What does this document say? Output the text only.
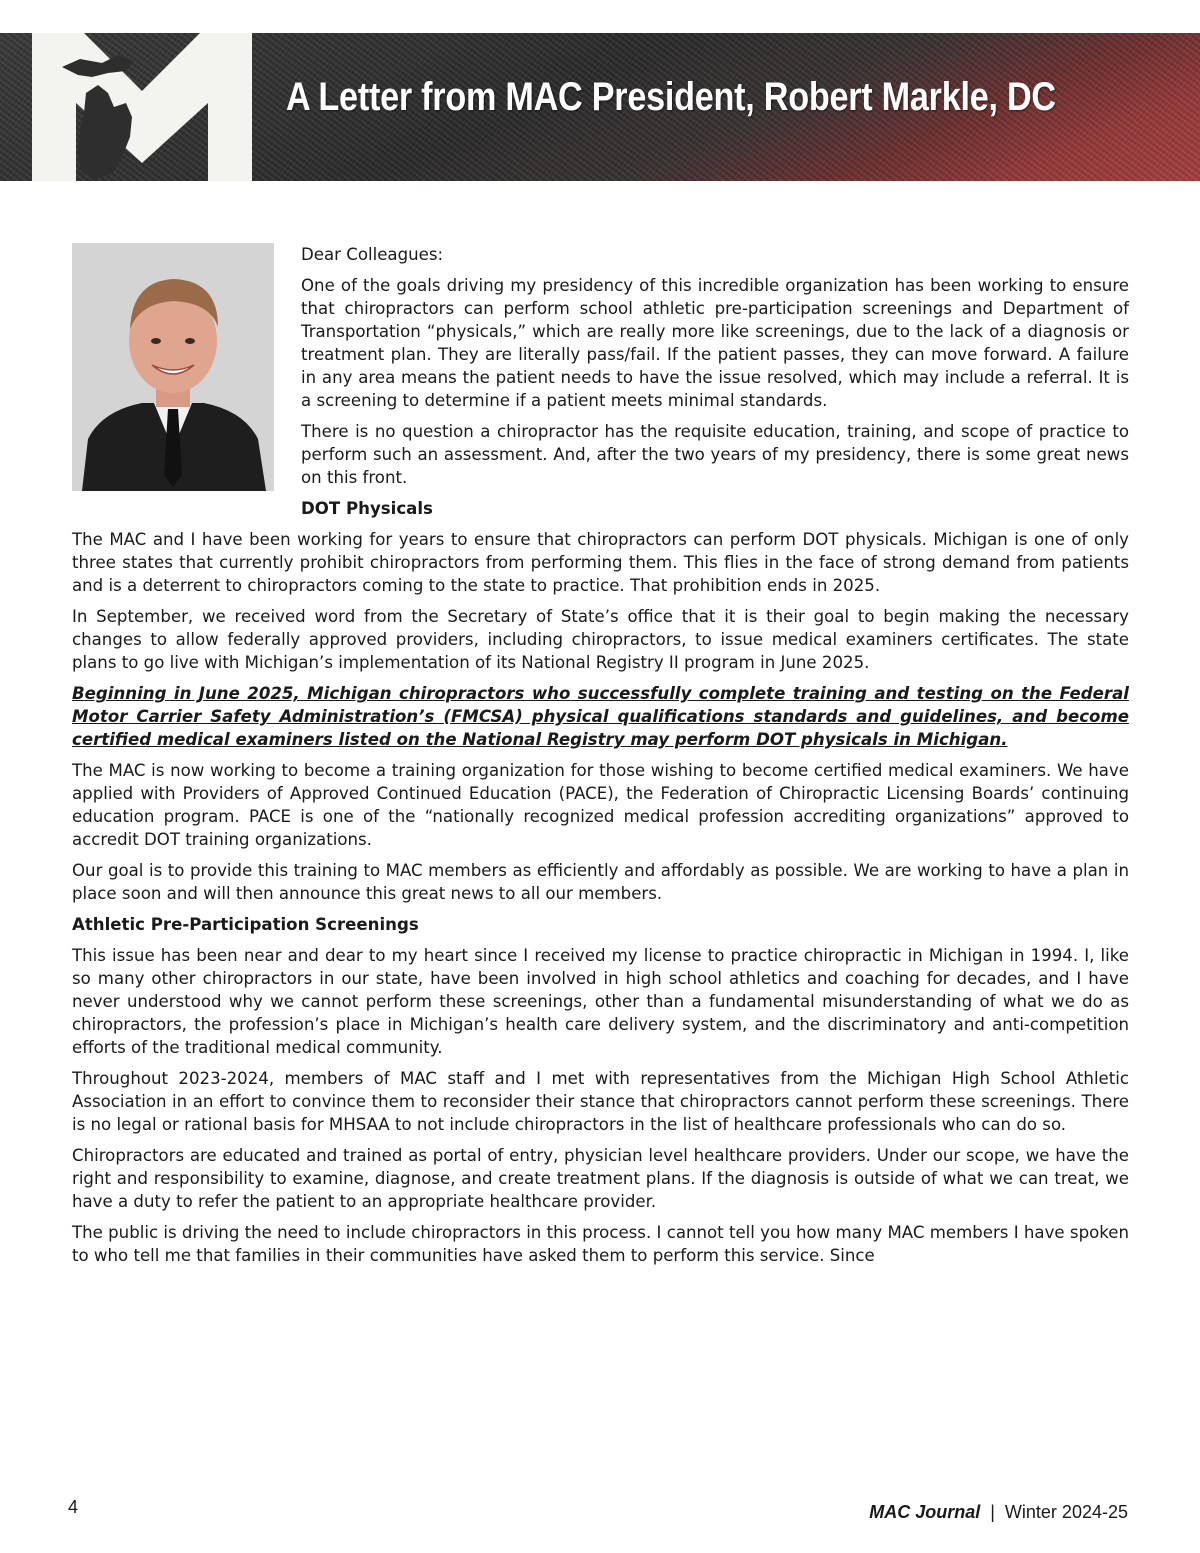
A Letter from MAC President, Robert Markle, DC

Dear Colleagues:

One of the goals driving my presidency of this incredible organization has been working to ensure that chiropractors can perform school athletic pre-participation screenings and Department of Transportation “physicals,” which are really more like screenings, due to the lack of a diagnosis or treatment plan. They are literally pass/fail. If the patient passes, they can move forward. A failure in any area means the patient needs to have the issue resolved, which may include a referral. It is a screening to determine if a patient meets minimal standards.

There is no question a chiropractor has the requisite education, training, and scope of practice to perform such an assessment. And, after the two years of my presidency, there is some great news on this front.

DOT Physicals

The MAC and I have been working for years to ensure that chiropractors can perform DOT physicals. Michigan is one of only three states that currently prohibit chiropractors from performing them. This flies in the face of strong demand from patients and is a deterrent to chiropractors coming to the state to practice. That prohibition ends in 2025.

In September, we received word from the Secretary of State’s office that it is their goal to begin making the necessary changes to allow federally approved providers, including chiropractors, to issue medical examiners certificates. The state plans to go live with Michigan’s implementation of its National Registry II program in June 2025.

Beginning in June 2025, Michigan chiropractors who successfully complete training and testing on the Federal Motor Carrier Safety Administration’s (FMCSA) physical qualifications standards and guidelines, and become certified medical examiners listed on the National Registry may perform DOT physicals in Michigan.

The MAC is now working to become a training organization for those wishing to become certified medical examiners. We have applied with Providers of Approved Continued Education (PACE), the Federation of Chiropractic Licensing Boards’ continuing education program. PACE is one of the “nationally recognized medical profession accrediting organizations” approved to accredit DOT training organizations.

Our goal is to provide this training to MAC members as efficiently and affordably as possible. We are working to have a plan in place soon and will then announce this great news to all our members.

Athletic Pre-Participation Screenings

This issue has been near and dear to my heart since I received my license to practice chiropractic in Michigan in 1994. I, like so many other chiropractors in our state, have been involved in high school athletics and coaching for decades, and I have never understood why we cannot perform these screenings, other than a fundamental misunderstanding of what we do as chiropractors, the profession’s place in Michigan’s health care delivery system, and the discriminatory and anti-competition efforts of the traditional medical community.

Throughout 2023-2024, members of MAC staff and I met with representatives from the Michigan High School Athletic Association in an effort to convince them to reconsider their stance that chiropractors cannot perform these screenings. There is no legal or rational basis for MHSAA to not include chiropractors in the list of healthcare professionals who can do so.

Chiropractors are educated and trained as portal of entry, physician level healthcare providers. Under our scope, we have the right and responsibility to examine, diagnose, and create treatment plans. If the diagnosis is outside of what we can treat, we have a duty to refer the patient to an appropriate healthcare provider.

The public is driving the need to include chiropractors in this process. I cannot tell you how many MAC members I have spoken to who tell me that families in their communities have asked them to perform this service. Since

4	MAC Journal | Winter 2024-25
